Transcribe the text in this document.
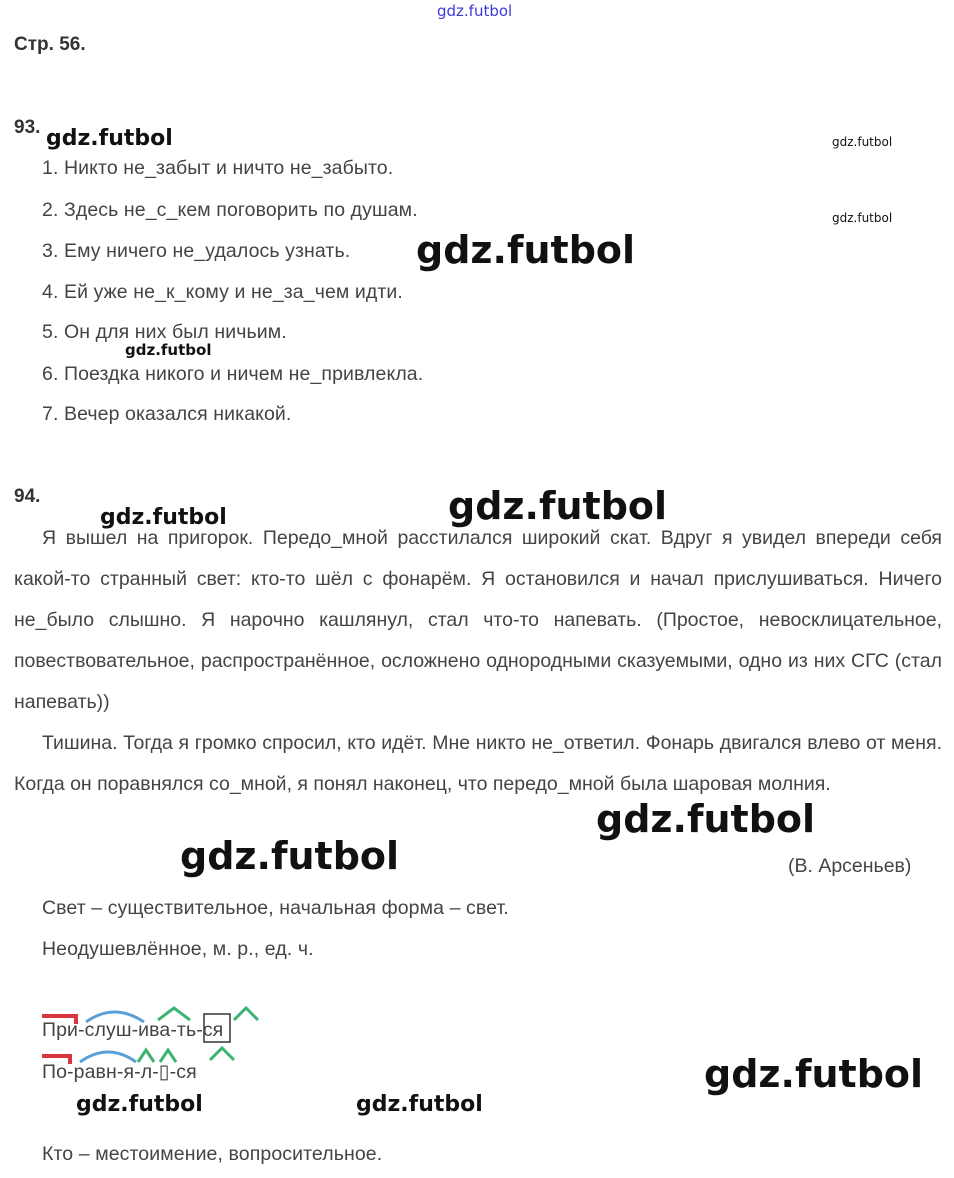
gdz.futbol
Стр. 56.
93.
1. Никто не_забыт и ничто не_забыто.
2. Здесь не_с_кем поговорить по душам.
3. Ему ничего не_удалось узнать.
4. Ей уже не_к_кому и не_за_чем идти.
5. Он для них был ничьим.
6. Поездка никого и ничем не_привлекла.
7. Вечер оказался никакой.
94.
Я вышел на пригорок. Передо_мной расстилался широкий скат. Вдруг я увидел впереди себя какой-то странный свет: кто-то шёл с фонарём. Я остановился и начал прислушиваться. Ничего не_было слышно. Я нарочно кашлянул, стал что-то напевать. (Простое, невосклицательное, повествовательное, распространённое, осложнено однородными сказуемыми, одно из них СГС (стал напевать))
Тишина. Тогда я громко спросил, кто идёт. Мне никто не_ответил. Фонарь двигался влево от меня. Когда он поравнялся со_мной, я понял наконец, что передо_мной была шаровая молния.
(В. Арсеньев)
Свет – существительное, начальная форма – свет.
Неодушевлённое, м. р., ед. ч.
При-слуш-ива-ть-ся
По-равн-я-л-▯-ся
Кто – местоимение, вопросительное.
gdz.futbol	gdz.futbol
gdz.futbol
gdz.futbol
gdz.futbol
gdz.futbol
gdz.futbol
gdz.futbol
gdz.futbol
gdz.futbol
gdz.futbol	gdz.futbol
